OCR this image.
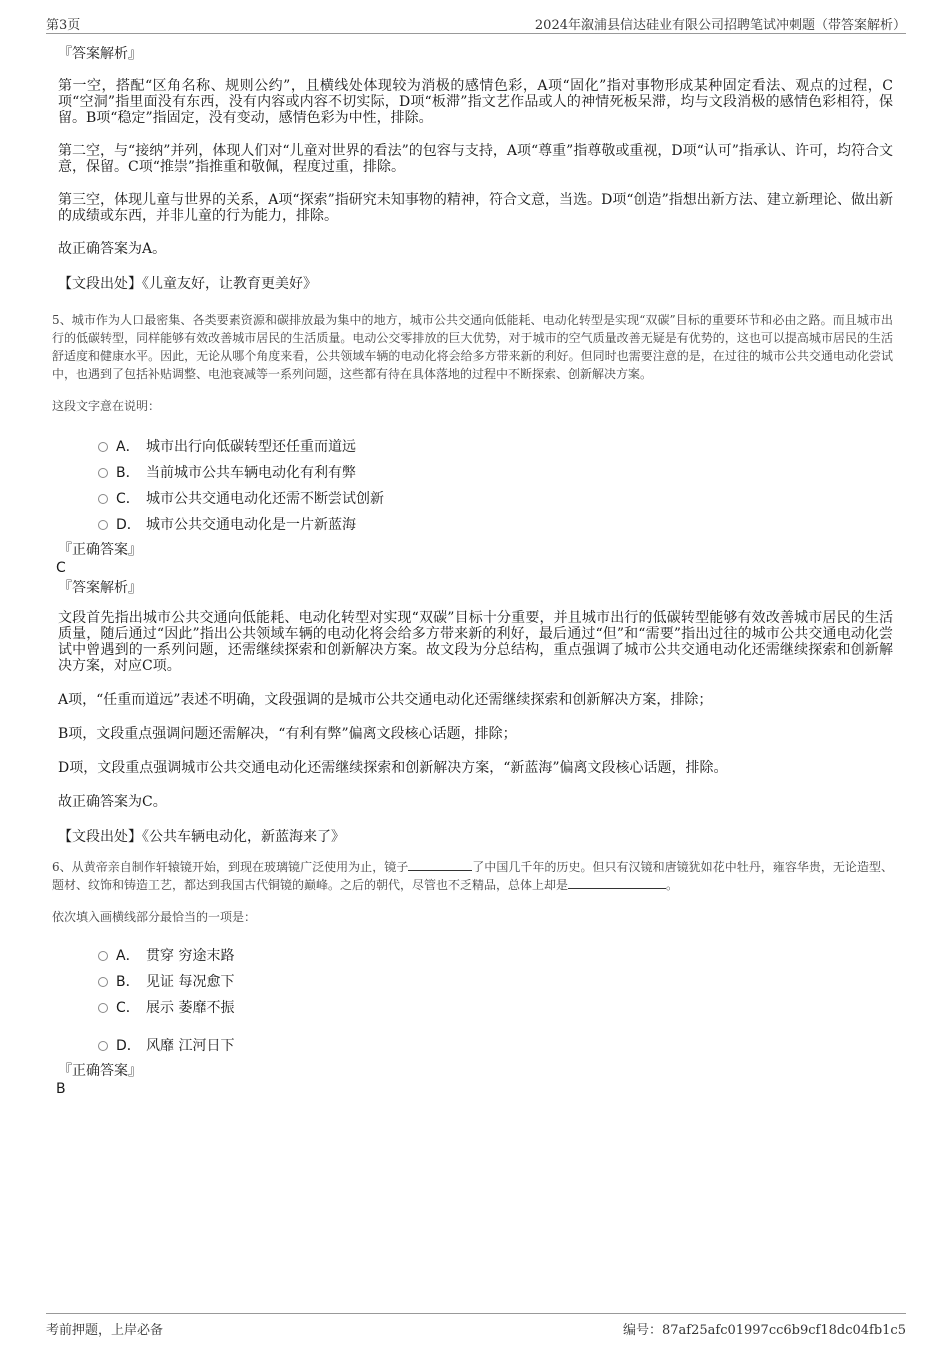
第3页	2024年溆浦县信达硅业有限公司招聘笔试冲刺题（带答案解析）
『答案解析』

第一空，搭配“区角名称、规则公约”，且横线处体现较为消极的感情色彩，A项“固化”指对事物形成某种固定看法、观点的过程，C项“空洞”指里面没有东西，没有内容或内容不切实际，D项“板滞”指文艺作品或人的神情死板呆滞，均与文段消极的感情色彩相符，保留。B项“稳定”指固定，没有变动，感情色彩为中性，排除。

第二空，与“接纳”并列，体现人们对“儿童对世界的看法”的包容与支持，A项“尊重”指尊敬或重视，D项“认可”指承认、许可，均符合文意，保留。C项“推崇”指推重和敬佩，程度过重，排除。

第三空，体现儿童与世界的关系，A项“探索”指研究未知事物的精神，符合文意，当选。D项“创造”指想出新方法、建立新理论、做出新的成绩或东西，并非儿童的行为能力，排除。

故正确答案为A。
【文段出处】《儿童友好，让教育更美好》

5、城市作为人口最密集、各类要素资源和碳排放最为集中的地方，城市公共交通向低能耗、电动化转型是实现“双碳”目标的重要环节和必由之路。而且城市出行的低碳转型，同样能够有效改善城市居民的生活质量。电动公交零排放的巨大优势，对于城市的空气质量改善无疑是有优势的，这也可以提高城市居民的生活舒适度和健康水平。因此，无论从哪个角度来看，公共领域车辆的电动化将会给多方带来新的利好。但同时也需要注意的是，在过往的城市公共交通电动化尝试中，也遇到了包括补贴调整、电池衰减等一系列问题，这些都有待在具体落地的过程中不断探索、创新解决方案。

这段文字意在说明：
A． 城市出行向低碳转型还任重而道远
B． 当前城市公共车辆电动化有利有弊
C． 城市公共交通电动化还需不断尝试创新
D． 城市公共交通电动化是一片新蓝海
『正确答案』
C
『答案解析』

文段首先指出城市公共交通向低能耗、电动化转型对实现“双碳”目标十分重要，并且城市出行的低碳转型能够有效改善城市居民的生活质量，随后通过“因此”指出公共领域车辆的电动化将会给多方带来新的利好，最后通过“但”和“需要”指出过往的城市公共交通电动化尝试中曾遇到的一系列问题，还需继续探索和创新解决方案。故文段为分总结构，重点强调了城市公共交通电动化还需继续探索和创新解决方案，对应C项。

A项，“任重而道远”表述不明确，文段强调的是城市公共交通电动化还需继续探索和创新解决方案，排除；

B项，文段重点强调问题还需解决，“有利有弊”偏离文段核心话题，排除；

D项，文段重点强调城市公共交通电动化还需继续探索和创新解决方案，“新蓝海”偏离文段核心话题，排除。

故正确答案为C。
【文段出处】《公共车辆电动化，新蓝海来了》

6、从黄帝亲自制作轩辕镜开始，到现在玻璃镜广泛使用为止，镜子	了中国几千年的历史。但只有汉镜和唐镜犹如花中牡丹，雍容华贵，无论造型、题材、纹饰和铸造工艺，都达到我国古代铜镜的巅峰。之后的朝代，尽管也不乏精品，总体上却是	。

依次填入画横线部分最恰当的一项是：
A． 贯穿 穷途末路
B． 见证 每况愈下
C． 展示 萎靡不振
D． 风靡 江河日下
『正确答案』
B
考前押题，上岸必备	编号：87af25afc01997cc6b9cf18dc04fb1c5
